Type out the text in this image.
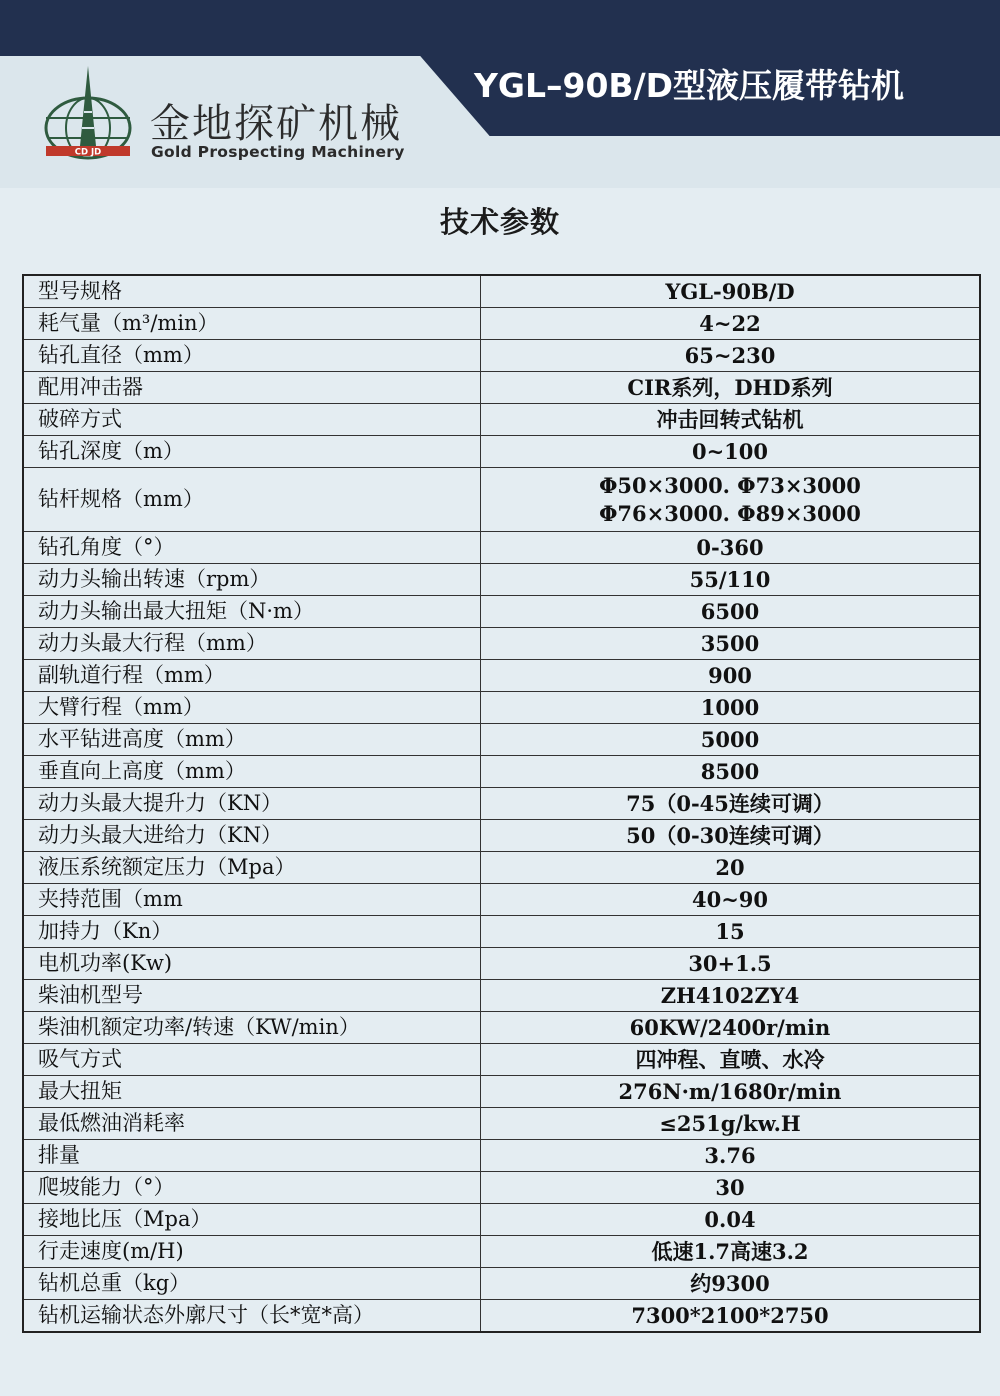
CD JD
金地探矿机械
Gold Prospecting Machinery
YGL–90B/D型液压履带钻机
技术参数
型号规格	YGL-90B/D
耗气量（m³/min）	4~22
钻孔直径（mm）	65~230
配用冲击器	CIR系列，DHD系列
破碎方式	冲击回转式钻机
钻孔深度（m）	0~100
钻杆规格（mm）	Φ50×3000. Φ73×3000
Φ76×3000. Φ89×3000

钻孔角度（°）	0-360
动力头输出转速（rpm）	55/110
动力头输出最大扭矩（N·m）	6500
动力头最大行程（mm）	3500
副轨道行程（mm）	900
大臂行程（mm）	1000
水平钻进高度（mm）	5000
垂直向上高度（mm）	8500
动力头最大提升力（KN）	75（0-45连续可调）
动力头最大进给力（KN）	50（0-30连续可调）
液压系统额定压力（Mpa）	20
夹持范围（mm	40~90
加持力（Kn）	15
电机功率(Kw)	30+1.5
柴油机型号	ZH4102ZY4
柴油机额定功率/转速（KW/min）	60KW/2400r/min
吸气方式	四冲程、直喷、水冷
最大扭矩	276N·m/1680r/min
最低燃油消耗率	≤251g/kw.H
排量	3.76
爬坡能力（°）	30
接地比压（Mpa）	0.04
行走速度(m/H)	低速1.7高速3.2
钻机总重（kg）	约9300
钻机运输状态外廓尺寸（长*宽*高）	7300*2100*2750
